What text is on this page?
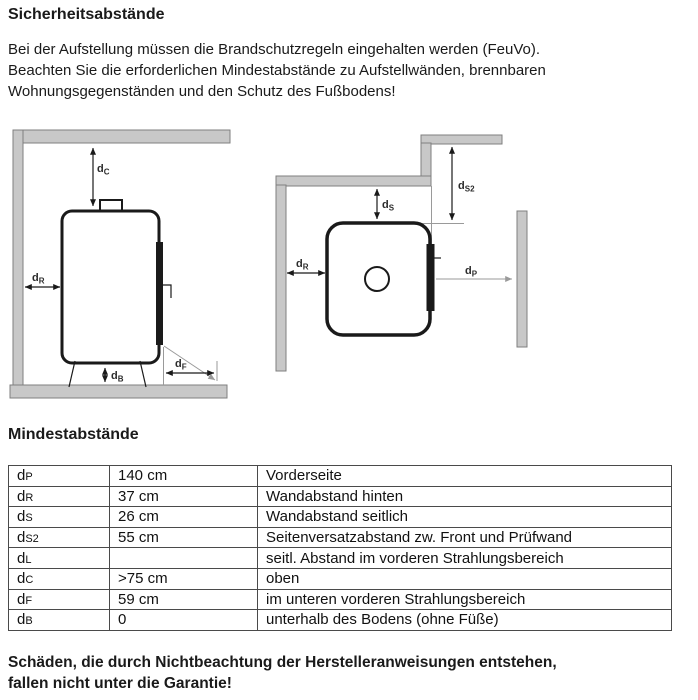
Sicherheitsabstände
Bei der Aufstellung müssen die Brandschutzregeln eingehalten werden (FeuVo).
Beachten Sie die erforderlichen Mindestabstände zu Aufstellwänden, brennbaren
Wohnungsgegenständen und den Schutz des Fußbodens!
$d_C$
$d_R$
$d_B$
$d_F$
$d_S$
$d_{S2}$
$d_R$	$d_P$
Mindestabstände
dP	140 cm	Vorderseite
dR	37 cm	Wandabstand hinten
dS	26 cm	Wandabstand seitlich
dS2	55 cm	Seitenversatzabstand zw. Front und Prüfwand
dL		seitl. Abstand im vorderen Strahlungsbereich
dC	>75 cm	oben
dF	59 cm	im unteren vorderen Strahlungsbereich
dB	0	unterhalb des Bodens (ohne Füße)
Schäden, die durch Nichtbeachtung der Herstelleranweisungen entstehen,
fallen nicht unter die Garantie!
